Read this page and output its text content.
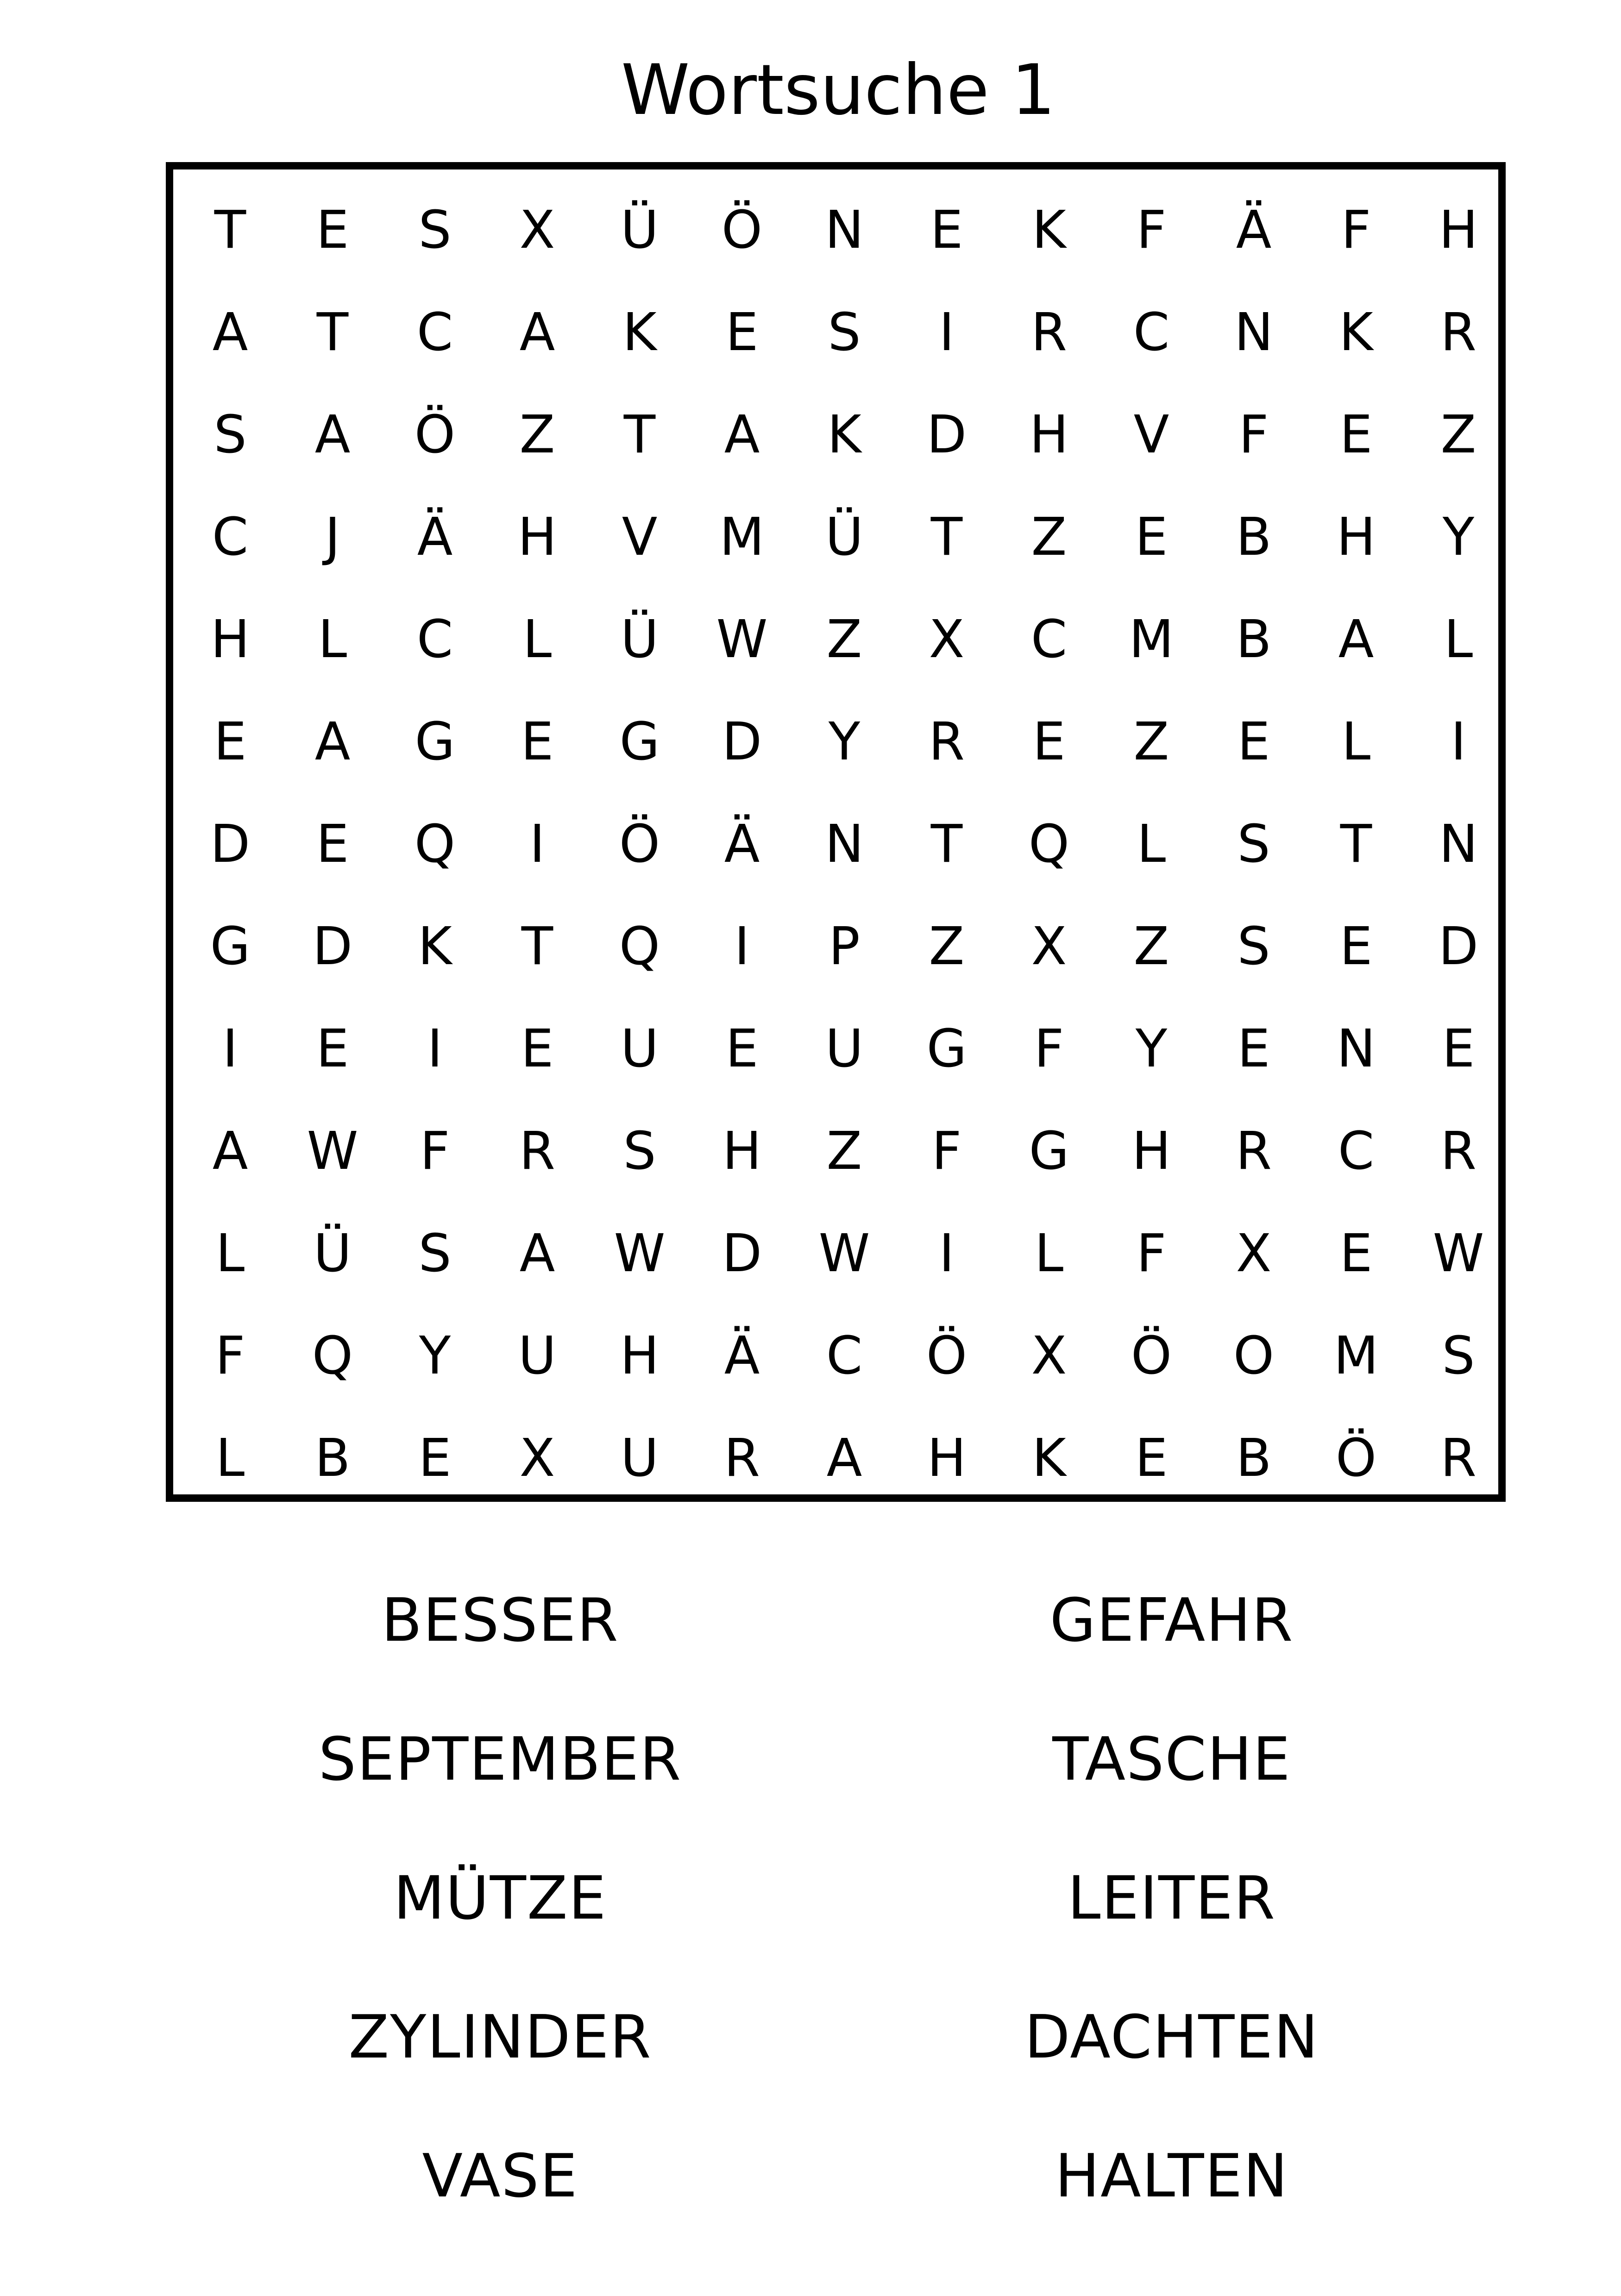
Wortsuche 1
T	E	S	X	Ü	Ö	N	E	K	F	Ä	F	H
A	T	C	A	K	E	S	I	R	C	N	K	R
S	A	Ö	Z	T	A	K	D	H	V	F	E	Z
C	J	Ä	H	V	M	Ü	T	Z	E	B	H	Y
H	L	C	L	Ü	W	Z	X	C	M	B	A	L
E	A	G	E	G	D	Y	R	E	Z	E	L	I
D	E	Q	I	Ö	Ä	N	T	Q	L	S	T	N
G	D	K	T	Q	I	P	Z	X	Z	S	E	D
I	E	I	E	U	E	U	G	F	Y	E	N	E
A	W	F	R	S	H	Z	F	G	H	R	C	R
L	Ü	S	A	W	D	W	I	L	F	X	E	W
F	Q	Y	U	H	Ä	C	Ö	X	Ö	O	M	S
L	B	E	X	U	R	A	H	K	E	B	Ö	R
BESSER	GEFAHR
SEPTEMBER	TASCHE
MÜTZE	LEITER
ZYLINDER	DACHTEN
VASE	HALTEN
